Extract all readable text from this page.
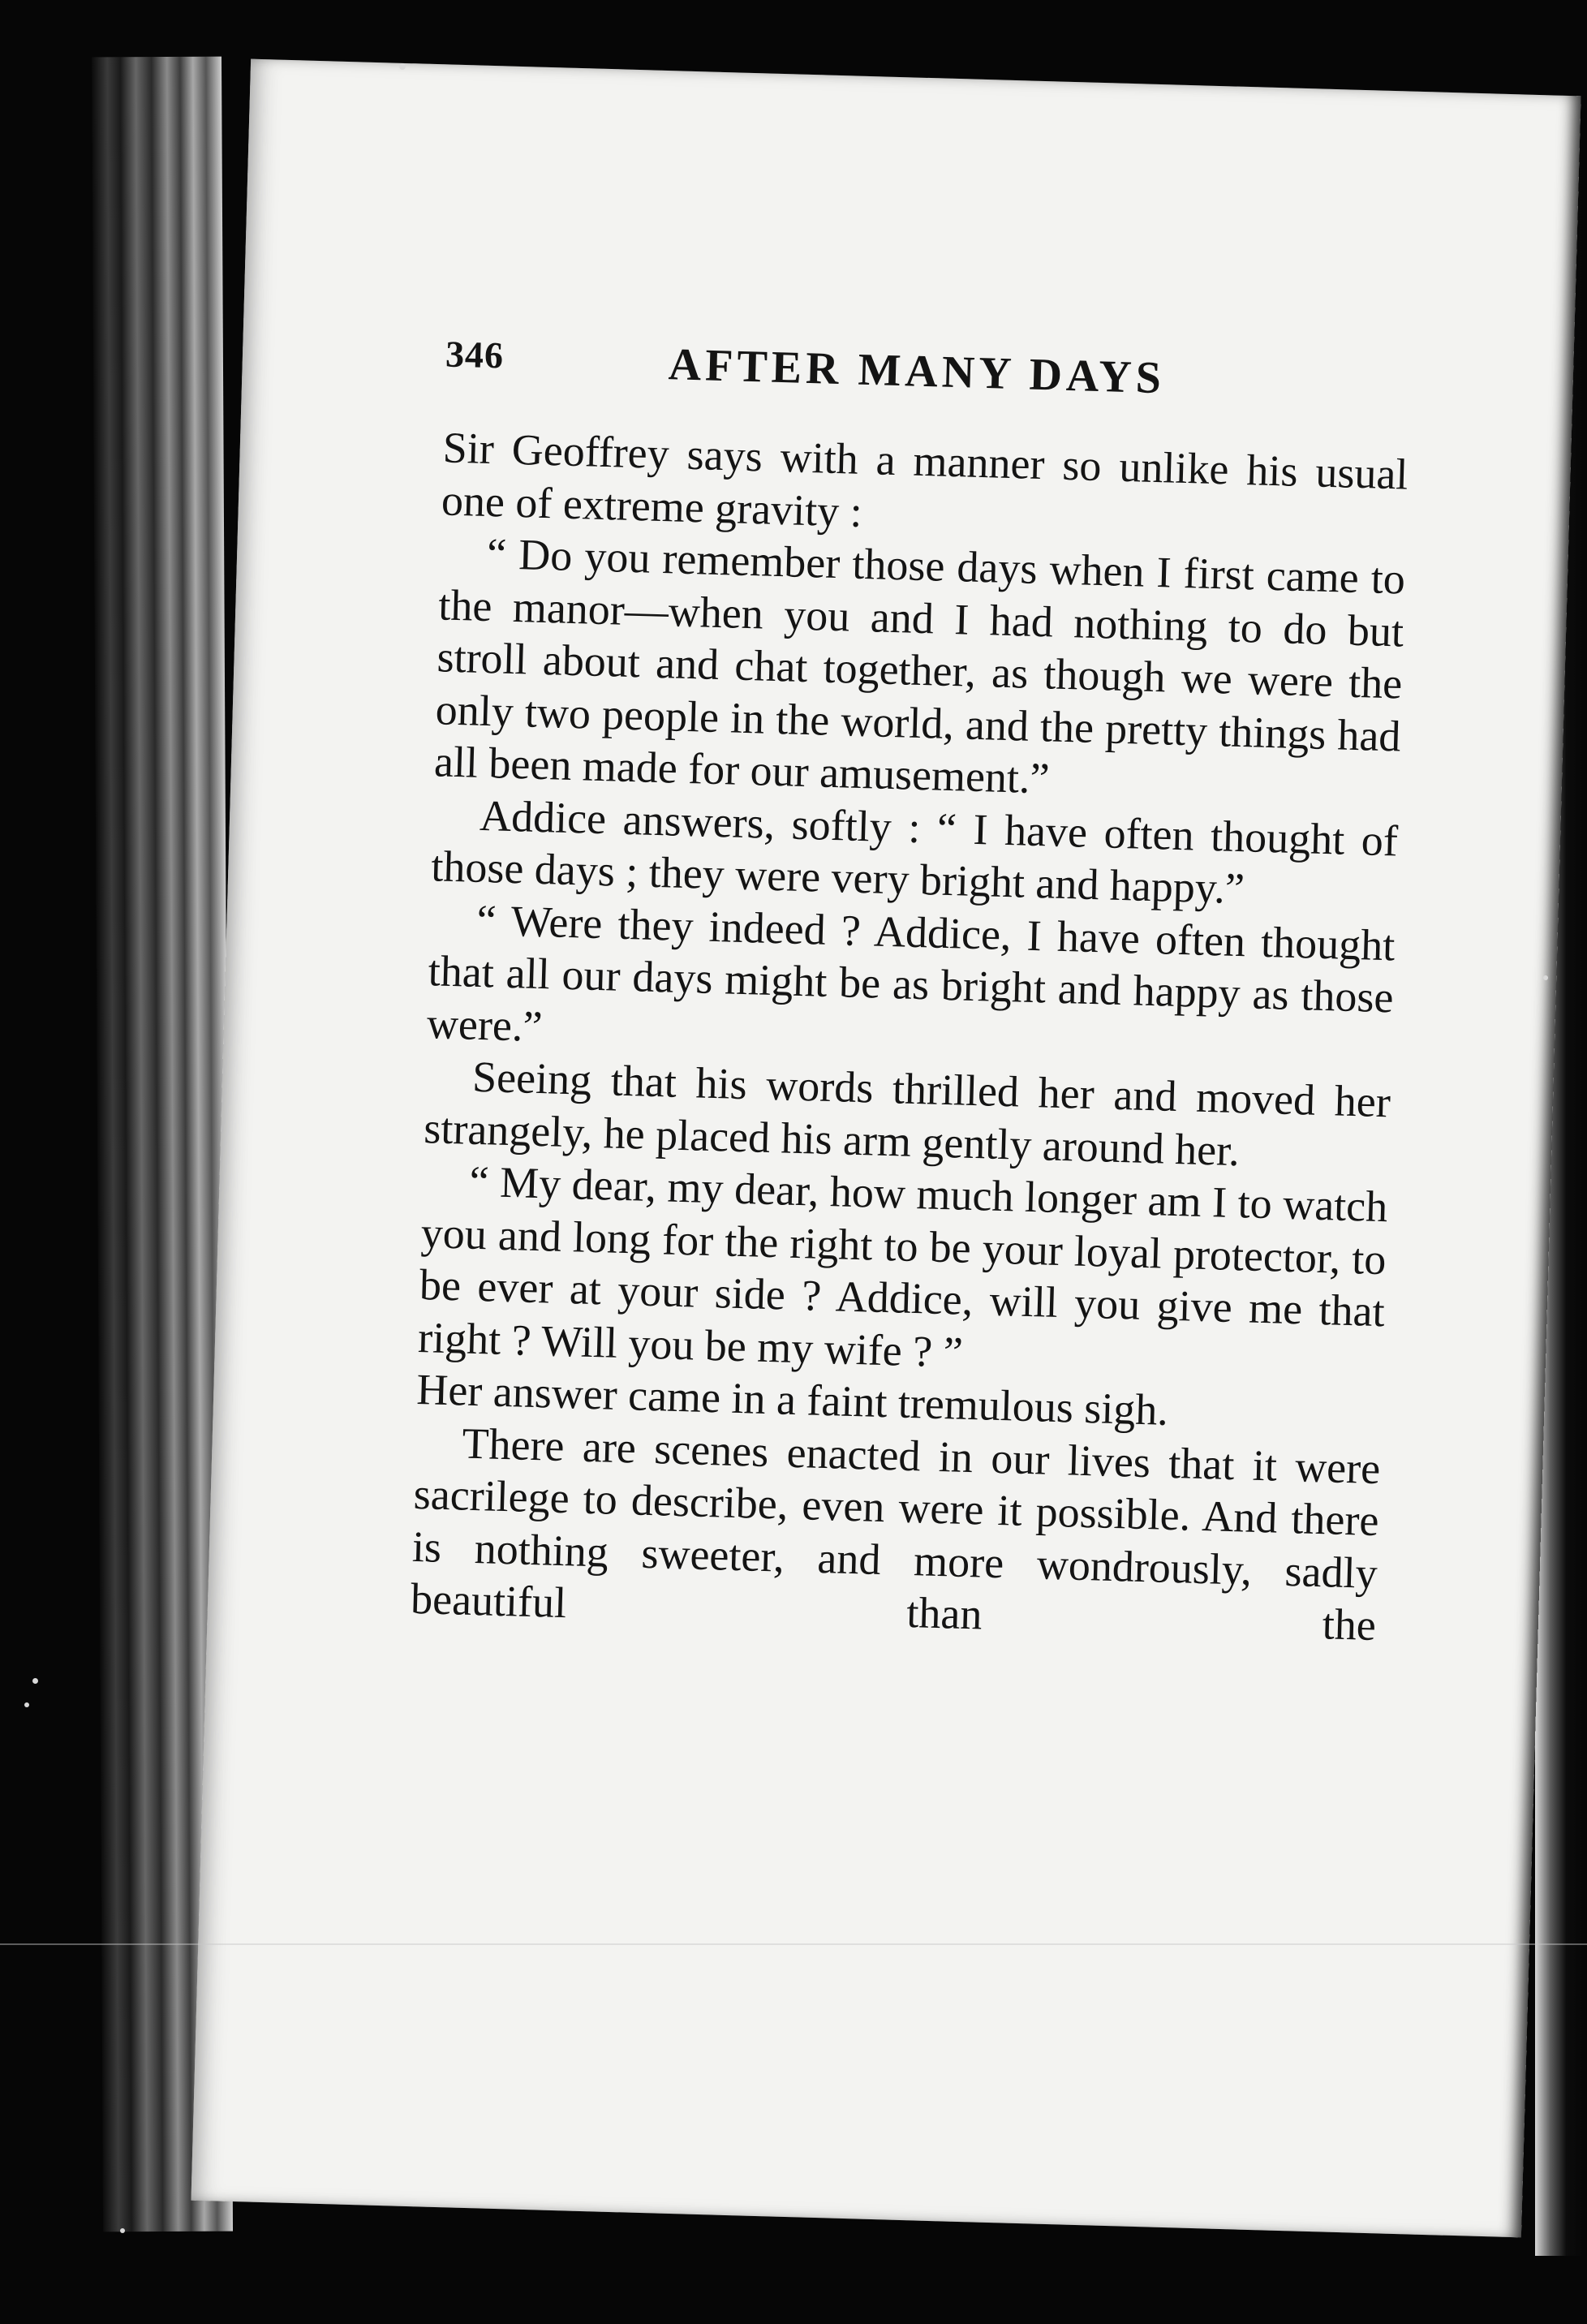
346	AFTER MANY DAYS

Sir Geoffrey says with a manner so unlike his usual one of extreme gravity :

“ Do you remember those days when I first came to the manor—when you and I had nothing to do but stroll about and chat together, as though we were the only two people in the world, and the pretty things had all been made for our amusement.”

Addice answers, softly : “ I have often thought of those days ; they were very bright and happy.”

“ Were they indeed ? Addice, I have often thought that all our days might be as bright and happy as those were.”

Seeing that his words thrilled her and moved her strangely, he placed his arm gently around her.

“ My dear, my dear, how much longer am I to watch you and long for the right to be your loyal protector, to be ever at your side ? Addice, will you give me that right ? Will you be my wife ? ”

Her answer came in a faint tremulous sigh.

There are scenes enacted in our lives that it were sacrilege to describe, even were it possible. And there is nothing sweeter, and more wondrously, sadly beautiful than the
